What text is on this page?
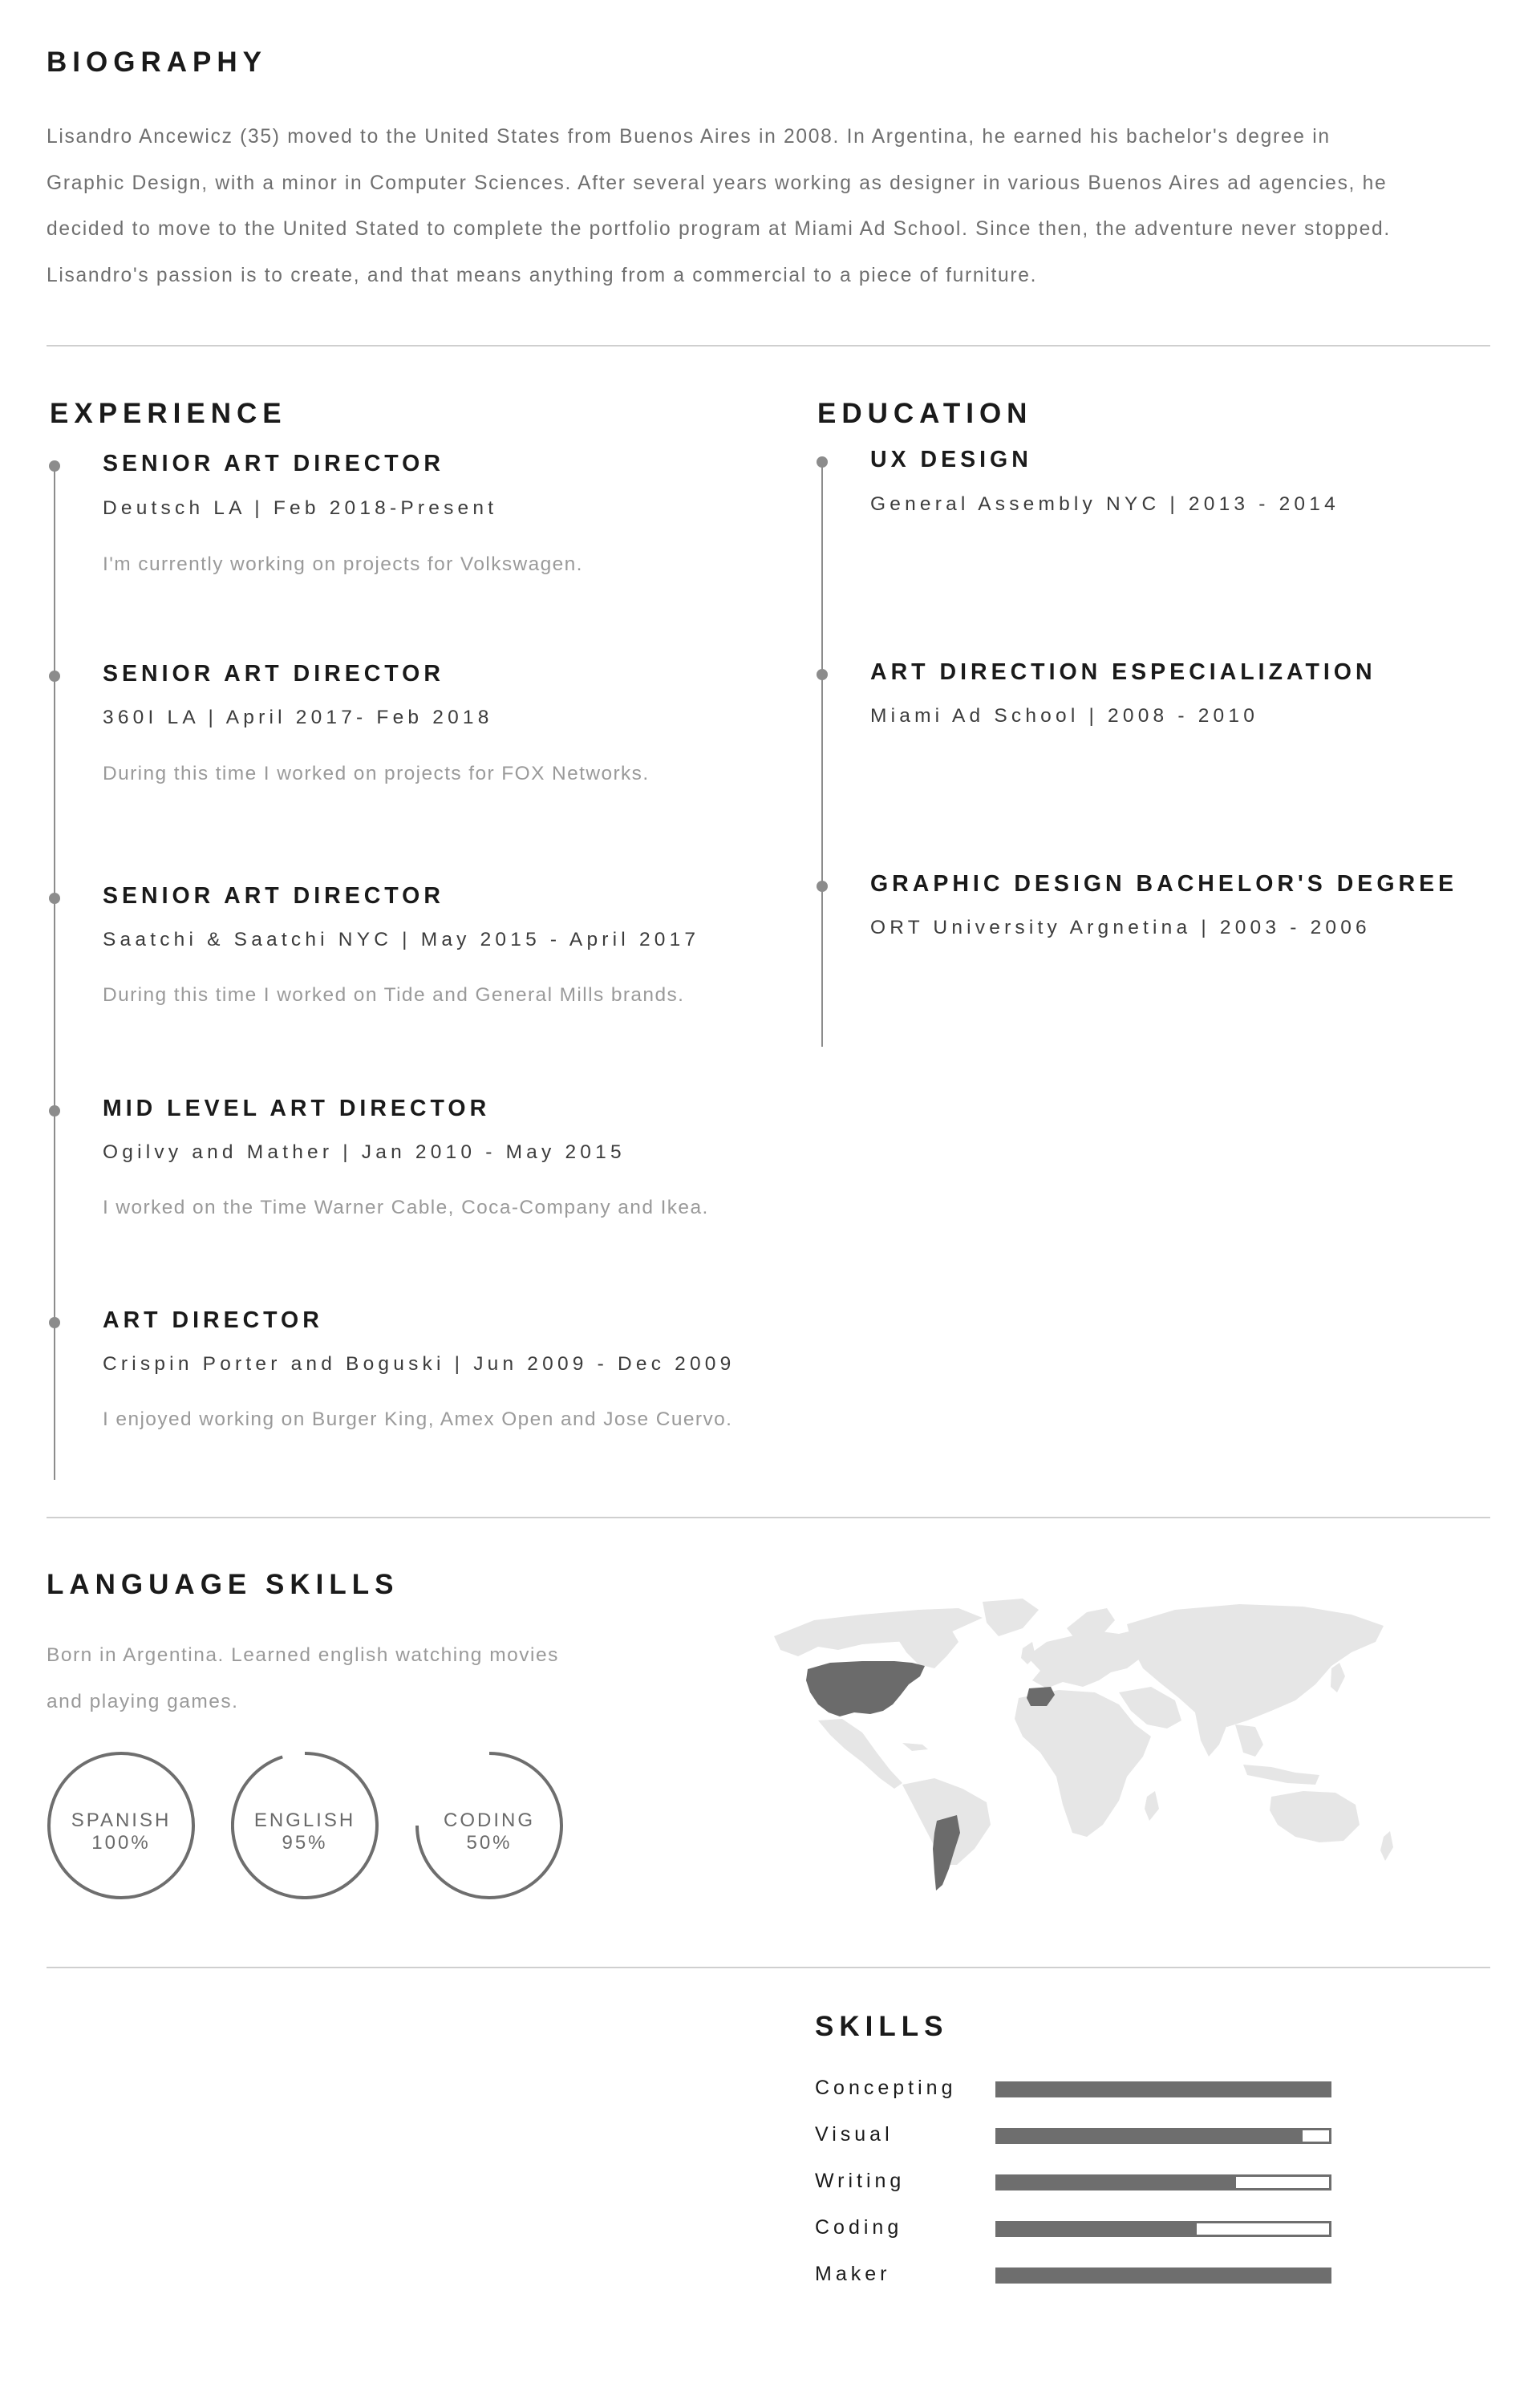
BIOGRAPHY

Lisandro Ancewicz (35) moved to the United States from Buenos Aires in 2008. In Argentina, he earned his bachelor's degree in Graphic Design, with a minor in Computer Sciences. After several years working as designer in various Buenos Aires ad agencies, he decided to move to the United Stated to complete the portfolio program at Miami Ad School. Since then, the adventure never stopped. Lisandro's passion is to create, and that means anything from a commercial to a piece of furniture.

EXPERIENCE
SENIOR ART DIRECTOR

Deutsch LA | Feb 2018-Present

I'm currently working on projects for Volkswagen.

SENIOR ART DIRECTOR

360I LA | April 2017- Feb 2018

During this time I worked on projects for FOX Networks.

SENIOR ART DIRECTOR

Saatchi & Saatchi NYC | May 2015 - April 2017

During this time I worked on Tide and General Mills brands.

MID LEVEL ART DIRECTOR

Ogilvy and Mather | Jan 2010 - May 2015

I worked on the Time Warner Cable, Coca-Company and Ikea.

ART DIRECTOR

Crispin Porter and Boguski | Jun 2009 - Dec 2009

I enjoyed working on Burger King, Amex Open and Jose Cuervo.

EDUCATION
UX DESIGN

General Assembly NYC | 2013 - 2014

ART DIRECTION ESPECIALIZATION

Miami Ad School | 2008 - 2010

GRAPHIC DESIGN BACHELOR'S DEGREE

ORT University Argnetina | 2003 - 2006

LANGUAGE SKILLS

Born in Argentina. Learned english watching movies and playing games.

SPANISH
100%
ENGLISH
95%
CODING
50%
SKILLS

Concepting

Visual

Writing

Coding

Maker
